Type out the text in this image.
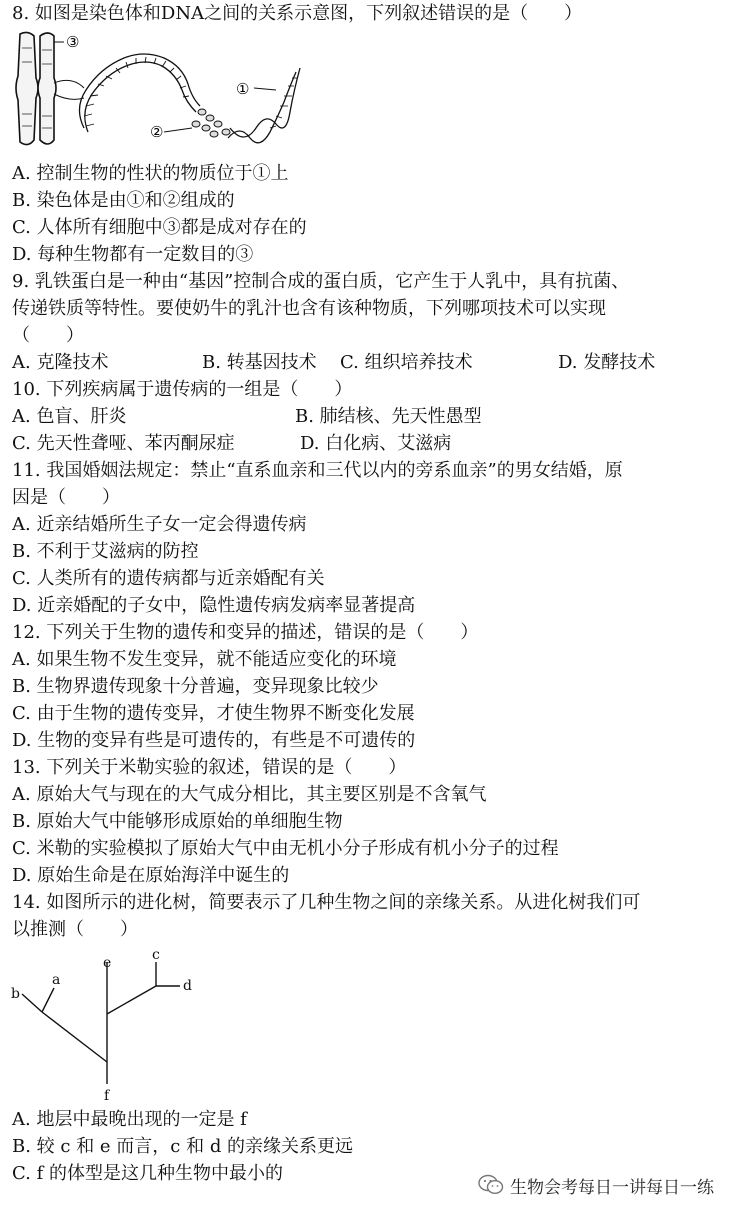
8. 如图是染色体和DNA之间的关系示意图，下列叙述错误的是（　　）
③
②
①
A. 控制生物的性状的物质位于①上
B. 染色体是由①和②组成的
C. 人体所有细胞中③都是成对存在的
D. 每种生物都有一定数目的③
9. 乳铁蛋白是一种由“基因”控制合成的蛋白质，它产生于人乳中，具有抗菌、
传递铁质等特性。要使奶牛的乳汁也含有该种物质，下列哪项技术可以实现
（　　）
A. 克隆技术	B. 转基因技术 C. 组织培养技术	D. 发酵技术
10. 下列疾病属于遗传病的一组是（　　）
A. 色盲、肝炎	B. 肺结核、先天性愚型
C. 先天性聋哑、苯丙酮尿症	D. 白化病、艾滋病
11. 我国婚姻法规定：禁止“直系血亲和三代以内的旁系血亲”的男女结婚，原
因是（　　）
A. 近亲结婚所生子女一定会得遗传病
B. 不利于艾滋病的防控
C. 人类所有的遗传病都与近亲婚配有关
D. 近亲婚配的子女中，隐性遗传病发病率显著提高
12. 下列关于生物的遗传和变异的描述，错误的是（　　）
A. 如果生物不发生变异，就不能适应变化的环境
B. 生物界遗传现象十分普遍，变异现象比较少
C. 由于生物的遗传变异，才使生物界不断变化发展
D. 生物的变异有些是可遗传的，有些是不可遗传的
13. 下列关于米勒实验的叙述，错误的是（　　）
A. 原始大气与现在的大气成分相比，其主要区别是不含氧气
B. 原始大气中能够形成原始的单细胞生物
C. 米勒的实验模拟了原始大气中由无机小分子形成有机小分子的过程
D. 原始生命是在原始海洋中诞生的
14. 如图所示的进化树，简要表示了几种生物之间的亲缘关系。从进化树我们可
以推测（　　）
a
b
c
d
e
f
A. 地层中最晚出现的一定是 f
B. 较 c 和 e 而言，c 和 d 的亲缘关系更远
C. f 的体型是这几种生物中最小的
生物会考每日一讲每日一练
